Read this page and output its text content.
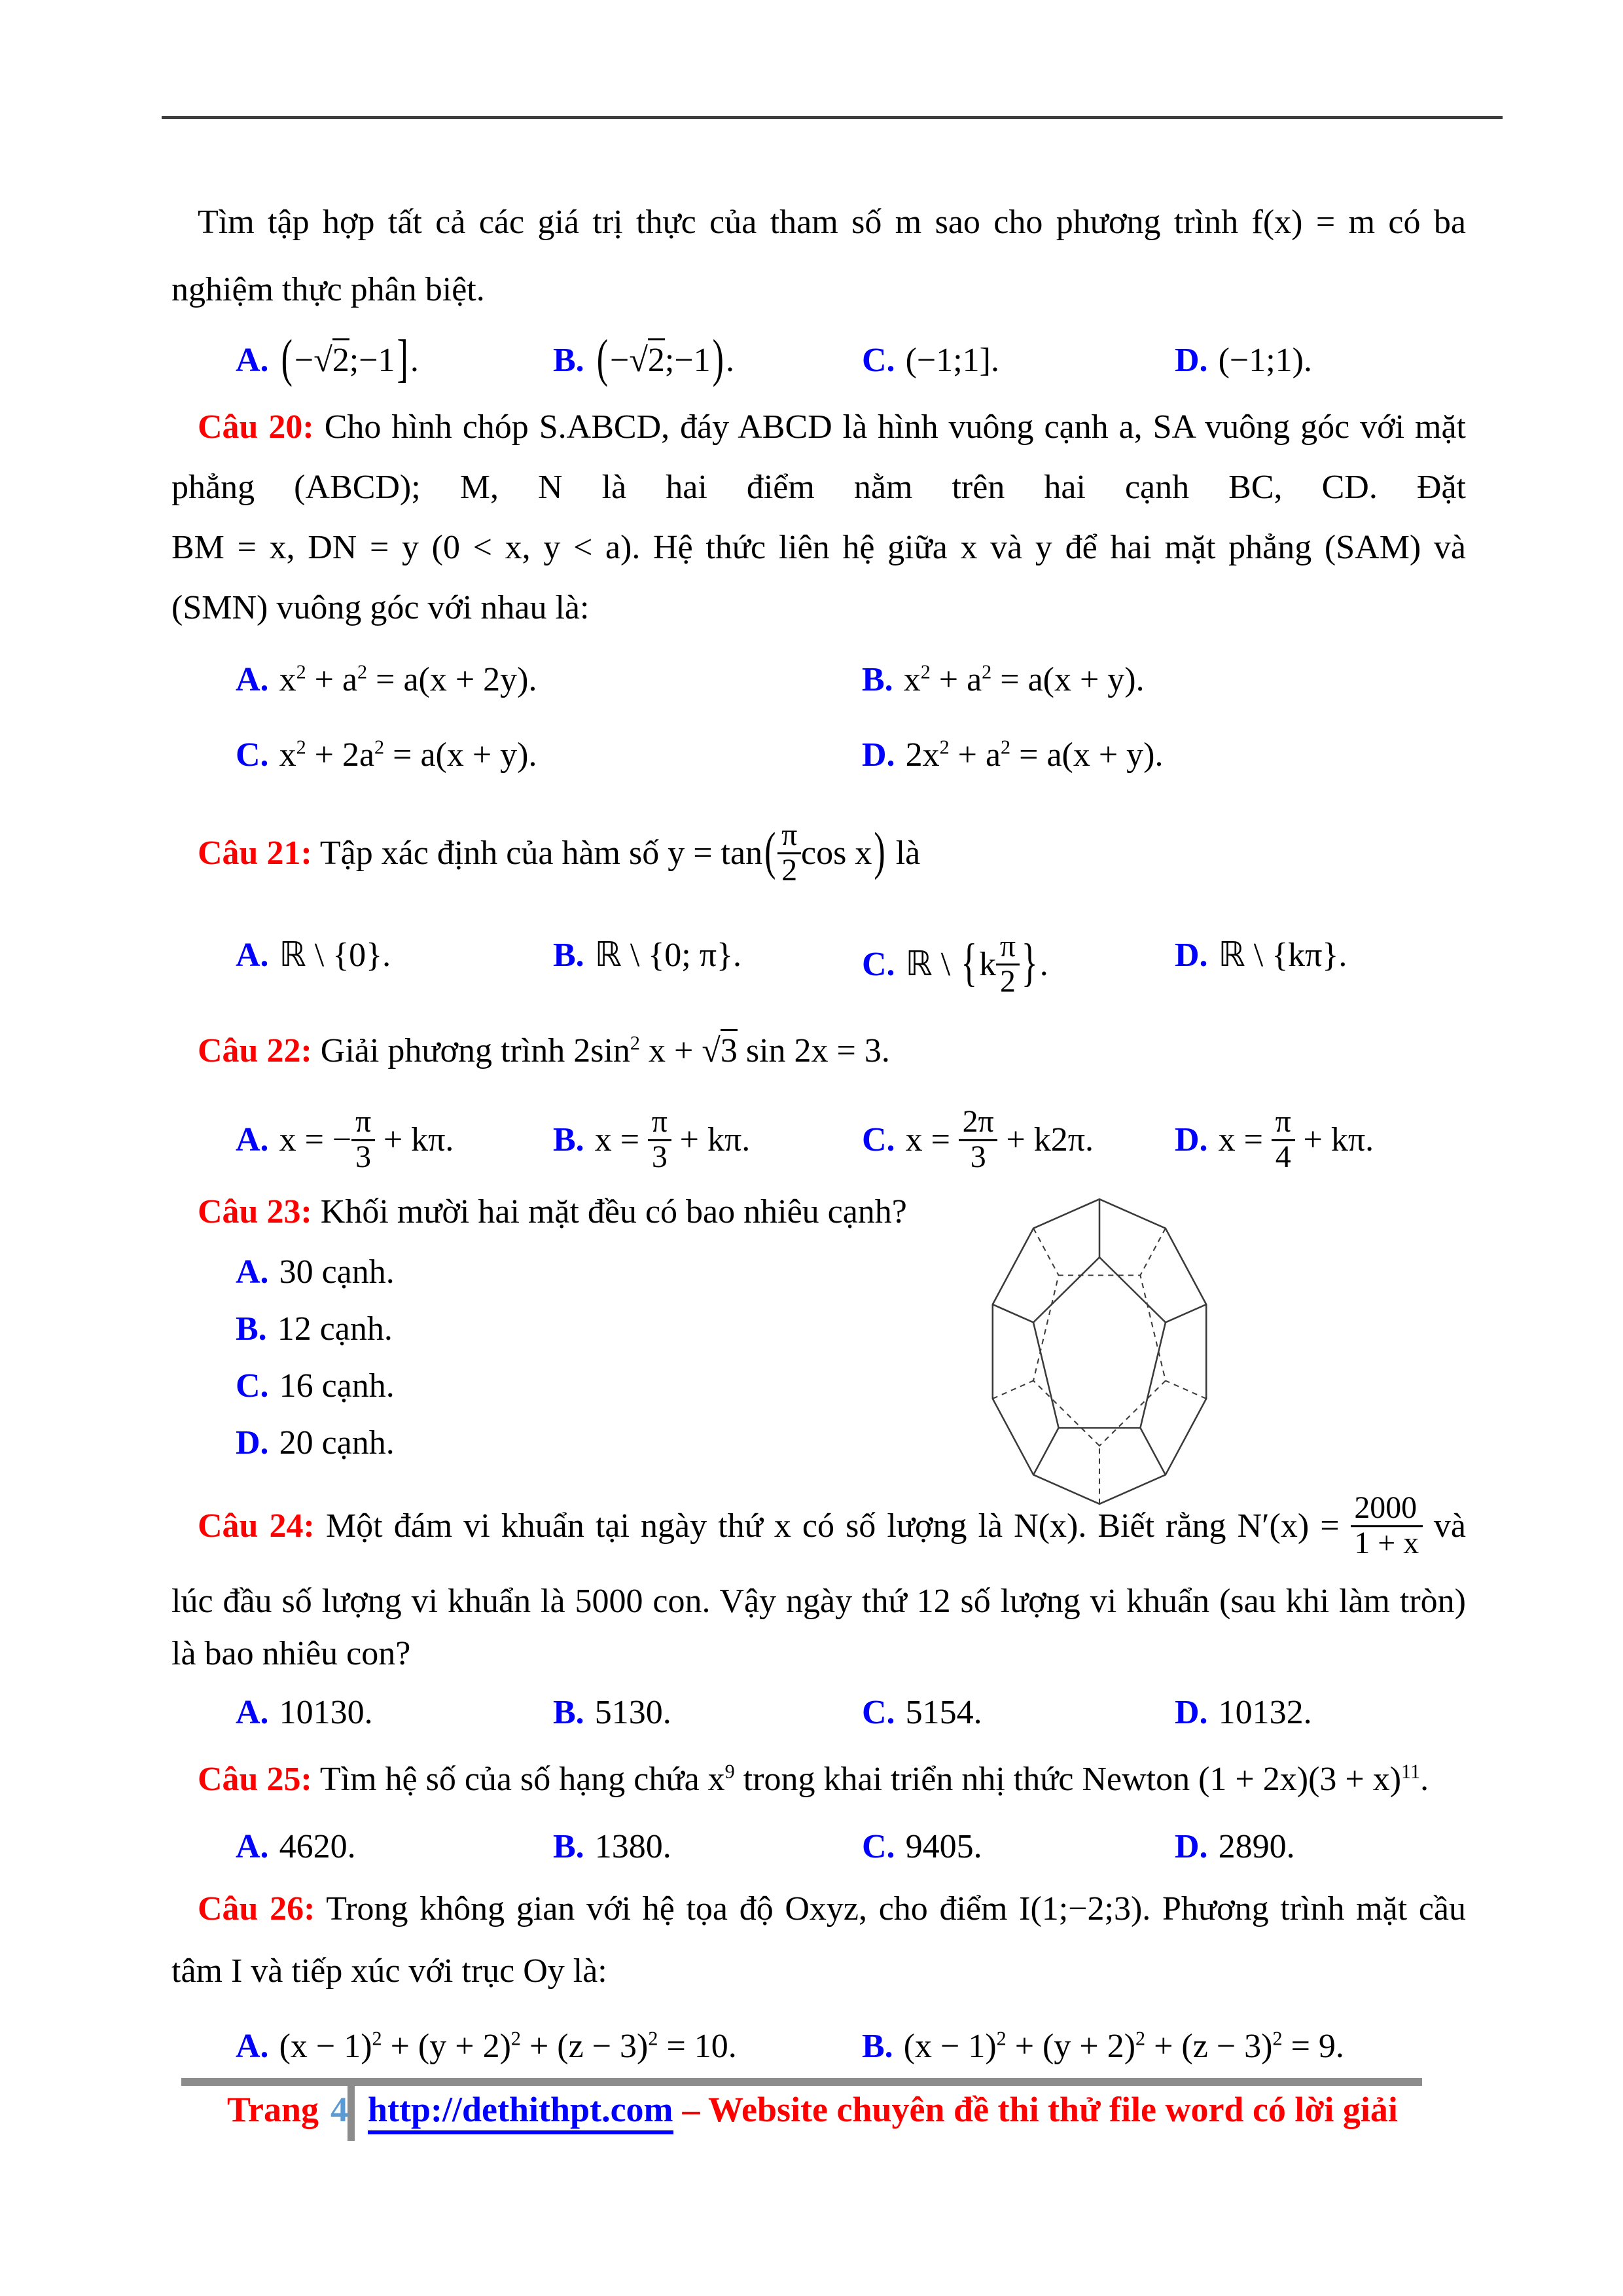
Tìm tập hợp tất cả các giá trị thực của tham số m sao cho phương trình f(x) = m có ba
nghiệm thực phân biệt.
A. (−√2;−1].	B. (−√2;−1).	C. (−1;1].	D. (−1;1).
Câu 20: Cho hình chóp S.ABCD, đáy ABCD là hình vuông cạnh a, SA vuông góc với mặt
phẳng (ABCD); M, N là hai điểm nằm trên hai cạnh BC, CD. Đặt
BM = x, DN = y (0 < x, y < a). Hệ thức liên hệ giữa x và y để hai mặt phẳng (SAM) và
(SMN) vuông góc với nhau là:
A. $x^2 + a^2 = a(x + 2y)$.	B. $x^2 + a^2 = a(x + y)$.
C. $x^2 + 2a^2 = a(x + y)$.	D. $2x^2 + a^2 = a(x + y)$.
Câu 21: Tập xác định của hàm số $y = \tan( \frac{\pi}{2}$ cos x) là
A. ℝ \ {0}.	B. ℝ \ {0; π}.	C. ℝ \ {$k \frac{\pi}{2}$ }.	D. ℝ \ {kπ}.
Câu 22: Giải phương trình $2\sin^2$ x + √3 sin 2x = 3.
A. x = − $\frac{\pi}{3} + k\pi$.	B. $x = \frac{\pi}{3} + k\pi$.	C. $x = \frac{2\pi}{3} + k2\pi$. D. $x = \frac{\pi}{4} + k\pi$.
Câu 23: Khối mười hai mặt đều có bao nhiêu cạnh?
A. 30 cạnh.
B. 12 cạnh.
C. 16 cạnh.
D. 20 cạnh.
Câu 24: Một đám vi khuẩn tại ngày thứ x có số lượng là N(x). Biết rằng $N'(x) = \frac{2000}{1 + x}$ và
lúc đầu số lượng vi khuẩn là 5000 con. Vậy ngày thứ 12 số lượng vi khuẩn (sau khi làm tròn)
là bao nhiêu con?
A. 10130.	B. 5130.	C. 5154.	D. 10132.
Câu 25: Tìm hệ số của số hạng chứa $x^9$ trong khai triển nhị thức Newton $(1 + 2x)(3 + x)^{11}$.
A. 4620.	B. 1380.	C. 9405.	D. 2890.
Câu 26: Trong không gian với hệ tọa độ Oxyz, cho điểm I(1;−2;3). Phương trình mặt cầu
tâm I và tiếp xúc với trục Oy là:
A. $(x - 1)^2 + (y + 2)^2 + (z - 3)^2 = 10$.	B. $(x - 1)^2 + (y + 2)^2 + (z - 3)^2 = 9$.
Trang 4 http://dethithpt.com – Website chuyên đề thi thử file word có lời giải
